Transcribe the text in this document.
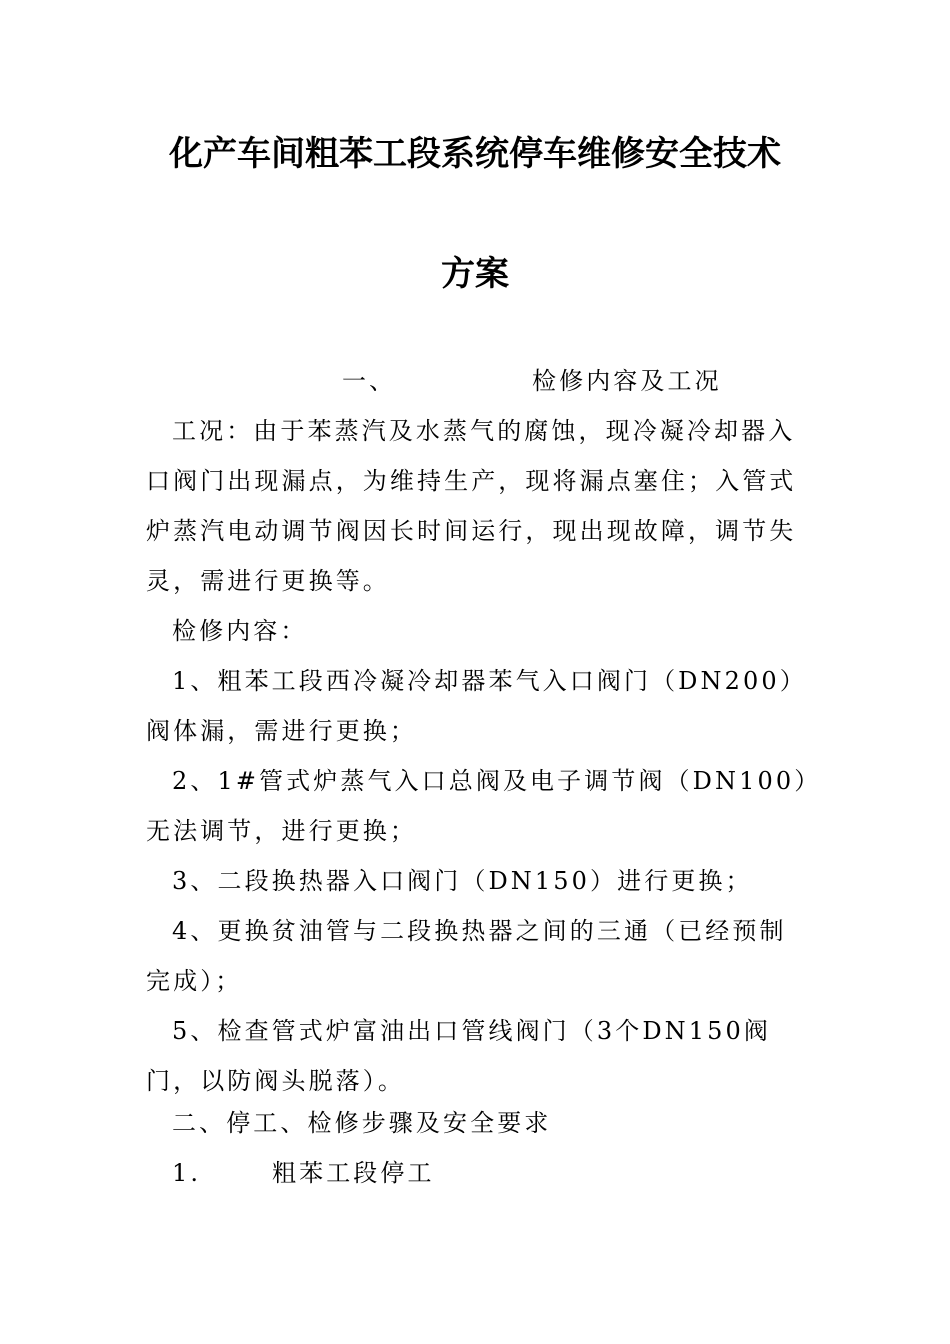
化产车间粗苯工段系统停车维修安全技术
方案
一、	检修内容及工况
工况：由于苯蒸汽及水蒸气的腐蚀，现冷凝冷却器入口阀门出现漏点，为维持生产，现将漏点塞住；入管式炉蒸汽电动调节阀因长时间运行，现出现故障，调节失灵，需进行更换等。
检修内容：
1、粗苯工段西冷凝冷却器苯气入口阀门（DN200）阀体漏，需进行更换；
2、1#管式炉蒸气入口总阀及电子调节阀（DN100）无法调节，进行更换；
3、二段换热器入口阀门（DN150）进行更换；
4、更换贫油管与二段换热器之间的三通（已经预制完成）；
5、检查管式炉富油出口管线阀门（3个DN150阀门，以防阀头脱落）。
二、停工、检修步骤及安全要求
1.	粗苯工段停工
